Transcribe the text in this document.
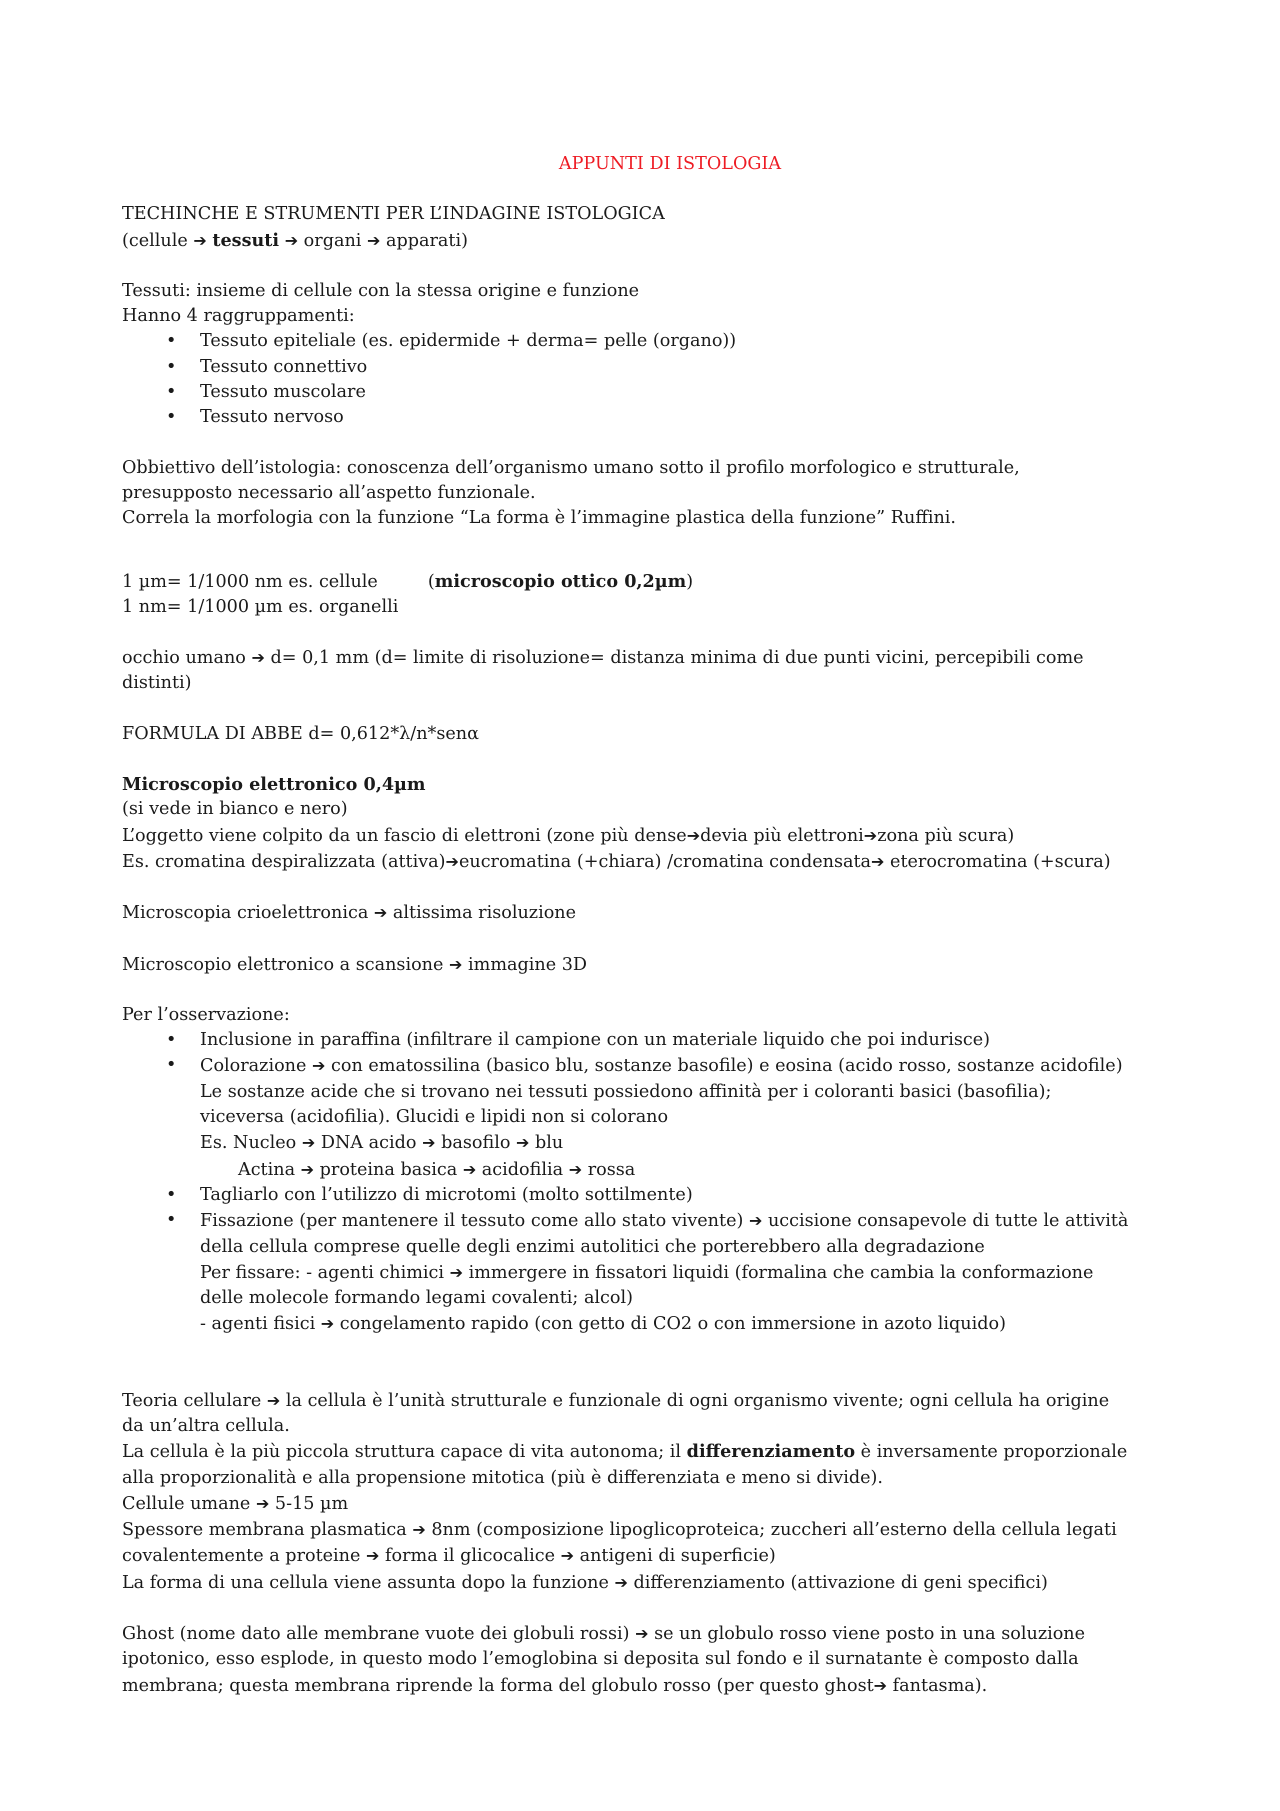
APPUNTI DI ISTOLOGIA

TECHINCHE E STRUMENTI PER L’INDAGINE ISTOLOGICA

(cellule ➔ tessuti ➔ organi ➔ apparati)

Tessuti: insieme di cellule con la stessa origine e funzione

Hanno 4 raggruppamenti:

• Tessuto epiteliale (es. epidermide + derma= pelle (organo))
• Tessuto connettivo
• Tessuto muscolare
• Tessuto nervoso

Obbiettivo dell’istologia: conoscenza dell’organismo umano sotto il profilo morfologico e strutturale,

presupposto necessario all’aspetto funzionale.

Correla la morfologia con la funzione “La forma è l’immagine plastica della funzione” Ruffini.

1 µm= 1/1000 nm es. cellule	(microscopio ottico 0,2µm)

1 nm= 1/1000 µm es. organelli

occhio umano ➔ d= 0,1 mm (d= limite di risoluzione= distanza minima di due punti vicini, percepibili come

distinti)

FORMULA DI ABBE d= 0,612*λ/n*senα

Microscopio elettronico 0,4µm

(si vede in bianco e nero)

L’oggetto viene colpito da un fascio di elettroni (zone più dense➔devia più elettroni➔zona più scura)

Es. cromatina despiralizzata (attiva)➔eucromatina (+chiara) /cromatina condensata➔ eterocromatina (+scura)

Microscopia crioelettronica ➔ altissima risoluzione

Microscopio elettronico a scansione ➔ immagine 3D

Per l’osservazione:

• Inclusione in paraffina (infiltrare il campione con un materiale liquido che poi indurisce)
• Colorazione ➔ con ematossilina (basico blu, sostanze basofile) e eosina (acido rosso, sostanze acidofile)
Le sostanze acide che si trovano nei tessuti possiedono affinità per i coloranti basici (basofilia);
viceversa (acidofilia). Glucidi e lipidi non si colorano
Es. Nucleo ➔ DNA acido ➔ basofilo ➔ blu
Actina ➔ proteina basica ➔ acidofilia ➔ rossa
• Tagliarlo con l’utilizzo di microtomi (molto sottilmente)
• Fissazione (per mantenere il tessuto come allo stato vivente) ➔ uccisione consapevole di tutte le attività
della cellula comprese quelle degli enzimi autolitici che porterebbero alla degradazione
Per fissare: - agenti chimici ➔ immergere in fissatori liquidi (formalina che cambia la conformazione
delle molecole formando legami covalenti; alcol)
- agenti fisici ➔ congelamento rapido (con getto di CO2 o con immersione in azoto liquido)

Teoria cellulare ➔ la cellula è l’unità strutturale e funzionale di ogni organismo vivente; ogni cellula ha origine

da un’altra cellula.

La cellula è la più piccola struttura capace di vita autonoma; il differenziamento è inversamente proporzionale

alla proporzionalità e alla propensione mitotica (più è differenziata e meno si divide).

Cellule umane ➔ 5-15 µm

Spessore membrana plasmatica ➔ 8nm (composizione lipoglicoproteica; zuccheri all’esterno della cellula legati

covalentemente a proteine ➔ forma il glicocalice ➔ antigeni di superficie)

La forma di una cellula viene assunta dopo la funzione ➔ differenziamento (attivazione di geni specifici)

Ghost (nome dato alle membrane vuote dei globuli rossi) ➔ se un globulo rosso viene posto in una soluzione

ipotonico, esso esplode, in questo modo l’emoglobina si deposita sul fondo e il surnatante è composto dalla

membrana; questa membrana riprende la forma del globulo rosso (per questo ghost➔ fantasma).
